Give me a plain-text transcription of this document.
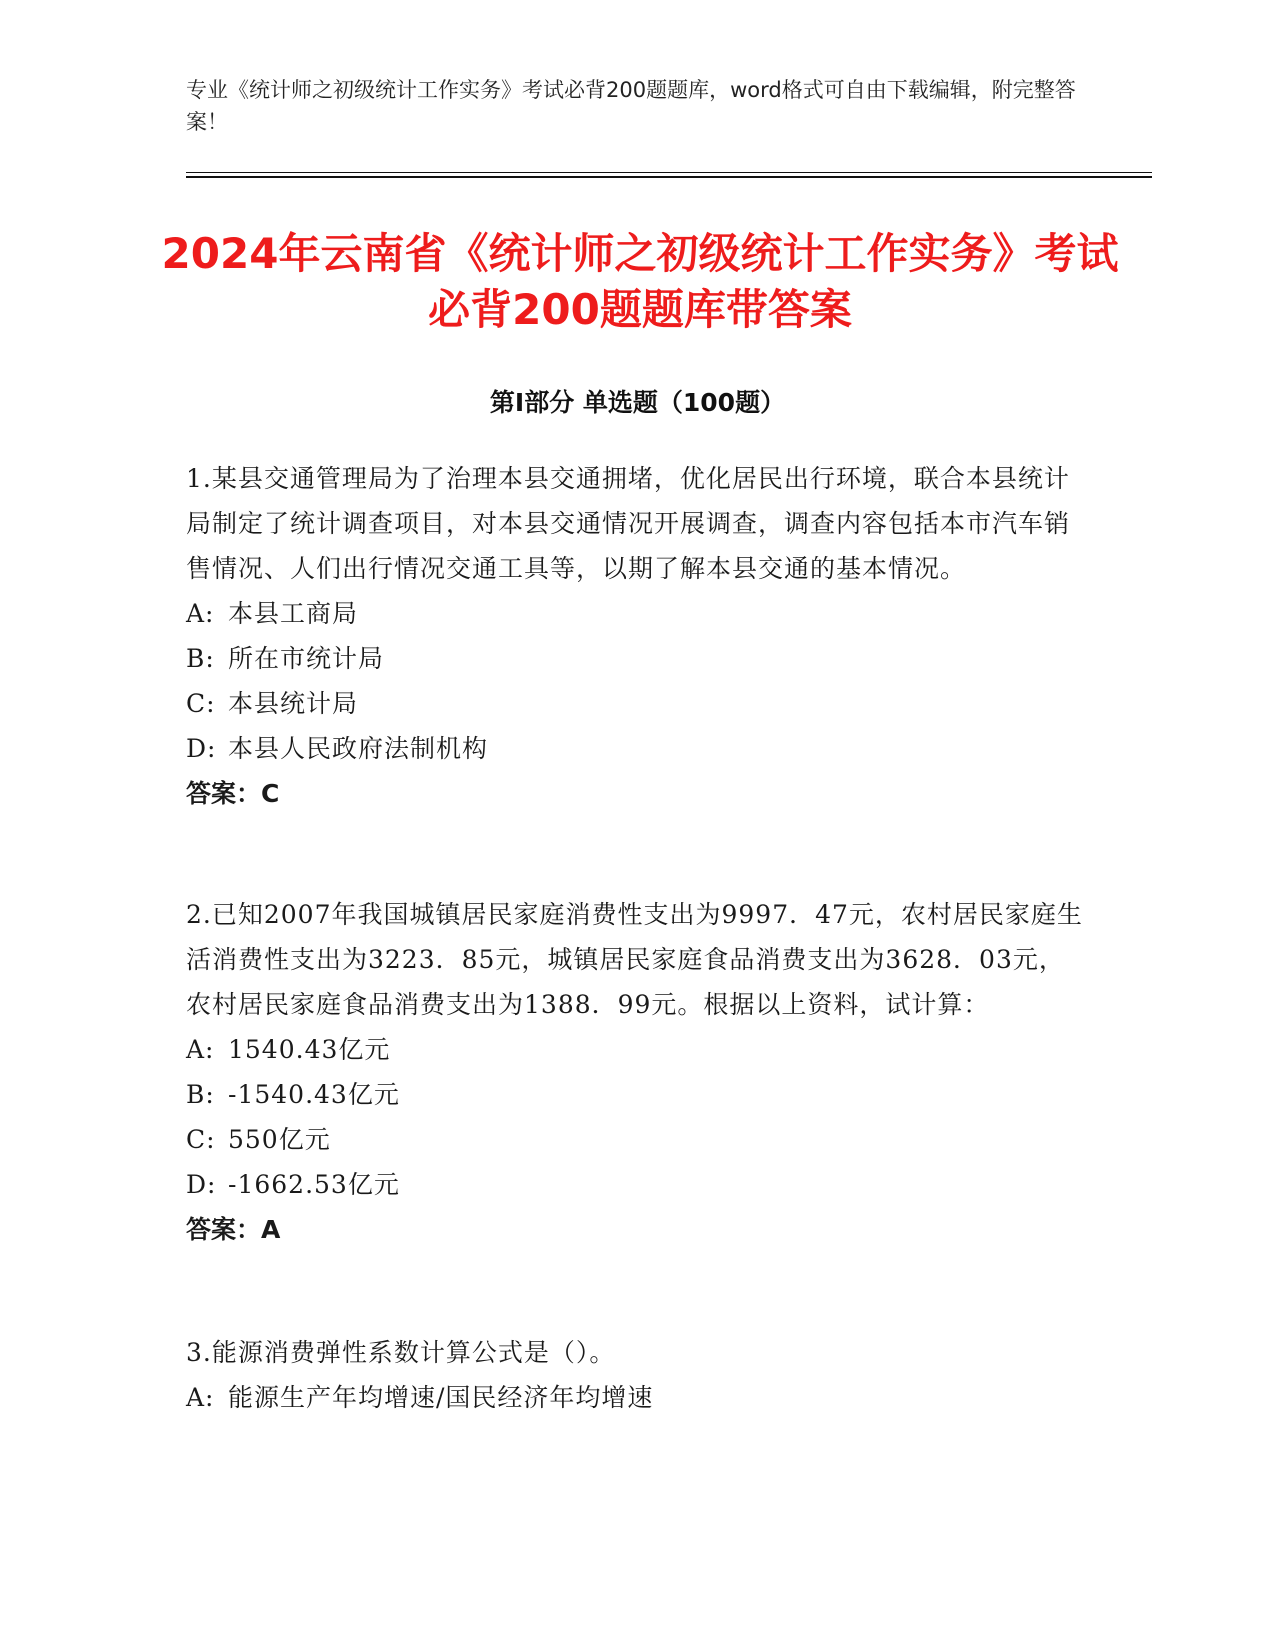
专业《统计师之初级统计工作实务》考试必背200题题库，word格式可自由下载编辑，附完整答案！
2024年云南省《统计师之初级统计工作实务》考试必背200题题库带答案
第Ⅰ部分 单选题（100题）

1.某县交通管理局为了治理本县交通拥堵，优化居民出行环境，联合本县统计局制定了统计调查项目，对本县交通情况开展调查，调查内容包括本市汽车销售情况、人们出行情况交通工具等，以期了解本县交通的基本情况。

A: 本县工商局

B: 所在市统计局

C: 本县统计局

D: 本县人民政府法制机构

答案：C

2.已知2007年我国城镇居民家庭消费性支出为9997．47元，农村居民家庭生活消费性支出为3223．85元，城镇居民家庭食品消费支出为3628．03元，农村居民家庭食品消费支出为1388．99元。根据以上资料，试计算：

A: 1540.43亿元

B: -1540.43亿元

C: 550亿元

D: -1662.53亿元

答案：A

3.能源消费弹性系数计算公式是（）。

A: 能源生产年均增速/国民经济年均增速
